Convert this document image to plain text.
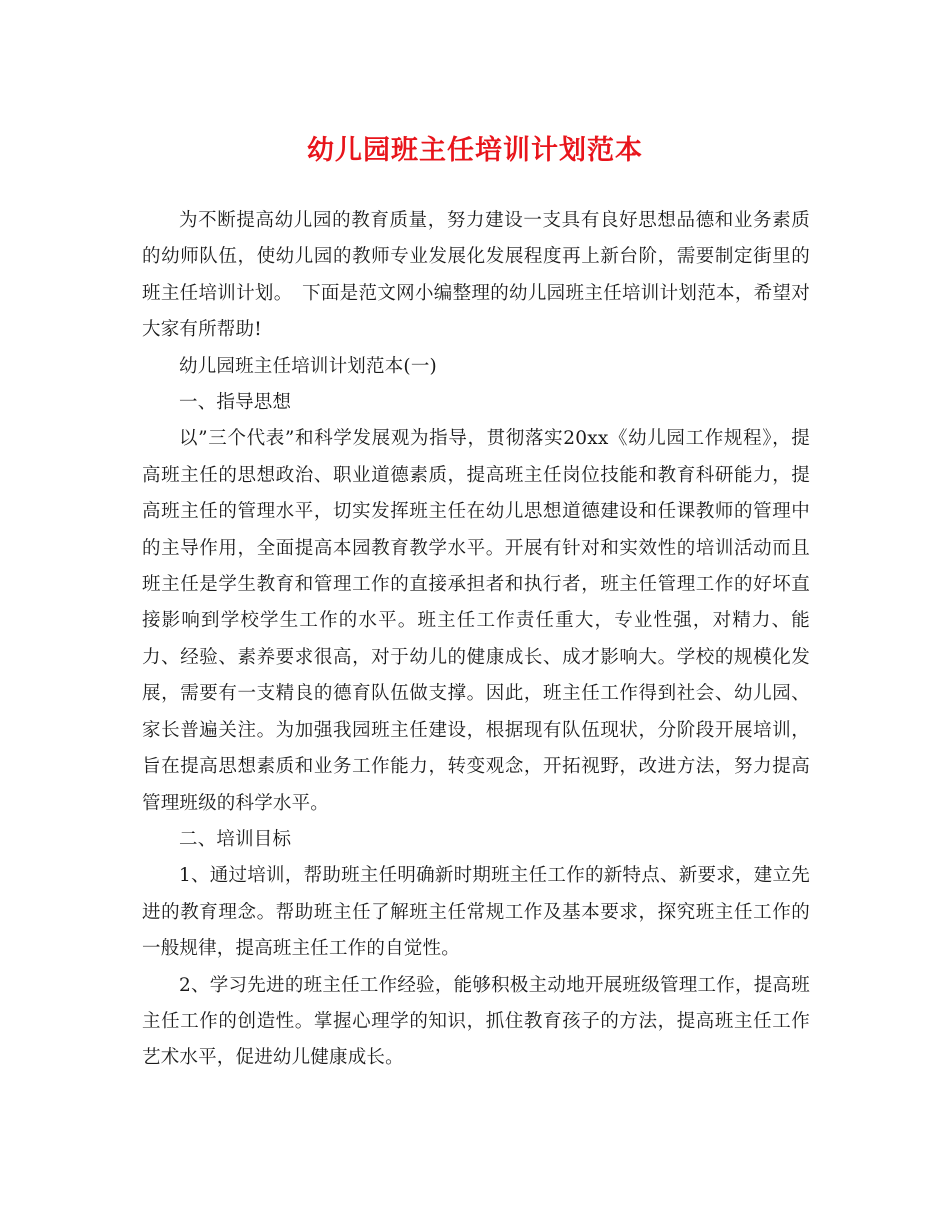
幼儿园班主任培训计划范本

为不断提高幼儿园的教育质量，努力建设一支具有良好思想品德和业务素质的幼师队伍，使幼儿园的教师专业发展化发展程度再上新台阶，需要制定街里的班主任培训计划。　下面是范文网小编整理的幼儿园班主任培训计划范本，希望对大家有所帮助!

幼儿园班主任培训计划范本(一)

一、指导思想

以”三个代表”和科学发展观为指导，贯彻落实20xx《幼儿园工作规程》，提高班主任的思想政治、职业道德素质，提高班主任岗位技能和教育科研能力，提高班主任的管理水平，切实发挥班主任在幼儿思想道德建设和任课教师的管理中的主导作用，全面提高本园教育教学水平。开展有针对和实效性的培训活动而且班主任是学生教育和管理工作的直接承担者和执行者，班主任管理工作的好坏直接影响到学校学生工作的水平。班主任工作责任重大，专业性强，对精力、能力、经验、素养要求很高，对于幼儿的健康成长、成才影响大。学校的规模化发展，需要有一支精良的德育队伍做支撑。因此，班主任工作得到社会、幼儿园、家长普遍关注。为加强我园班主任建设，根据现有队伍现状，分阶段开展培训，旨在提高思想素质和业务工作能力，转变观念，开拓视野，改进方法，努力提高管理班级的科学水平。

二、培训目标

1、通过培训，帮助班主任明确新时期班主任工作的新特点、新要求，建立先进的教育理念。帮助班主任了解班主任常规工作及基本要求，探究班主任工作的一般规律，提高班主任工作的自觉性。

2、学习先进的班主任工作经验，能够积极主动地开展班级管理工作，提高班主任工作的创造性。掌握心理学的知识，抓住教育孩子的方法，提高班主任工作艺术水平，促进幼儿健康成长。
